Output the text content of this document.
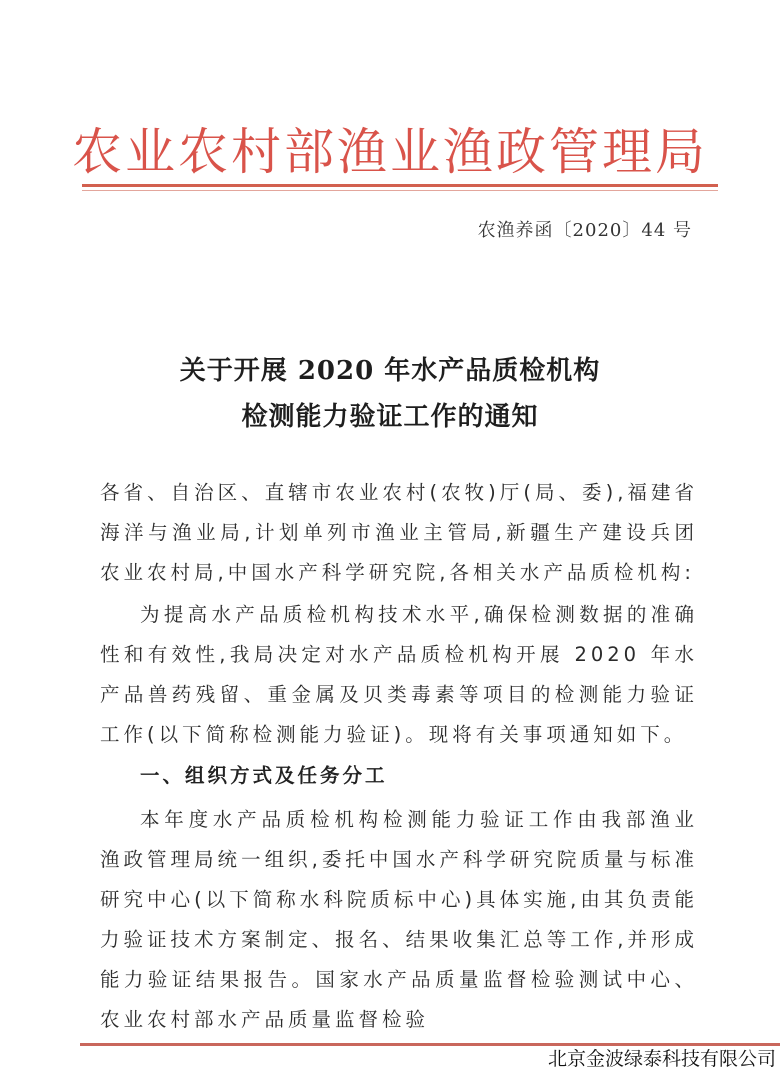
农业农村部渔业渔政管理局
农渔养函〔2020〕44 号
关于开展 2020 年水产品质检机构
检测能力验证工作的通知
各省、自治区、直辖市农业农村(农牧)厅(局、委),福建省海洋与渔业局,计划单列市渔业主管局,新疆生产建设兵团农业农村局,中国水产科学研究院,各相关水产品质检机构:
为提高水产品质检机构技术水平,确保检测数据的准确性和有效性,我局决定对水产品质检机构开展 2020 年水产品兽药残留、重金属及贝类毒素等项目的检测能力验证工作(以下简称检测能力验证)。现将有关事项通知如下。
一、组织方式及任务分工
本年度水产品质检机构检测能力验证工作由我部渔业渔政管理局统一组织,委托中国水产科学研究院质量与标准研究中心(以下简称水科院质标中心)具体实施,由其负责能力验证技术方案制定、报名、结果收集汇总等工作,并形成能力验证结果报告。国家水产品质量监督检验测试中心、农业农村部水产品质量监督检验
北京金波绿泰科技有限公司
